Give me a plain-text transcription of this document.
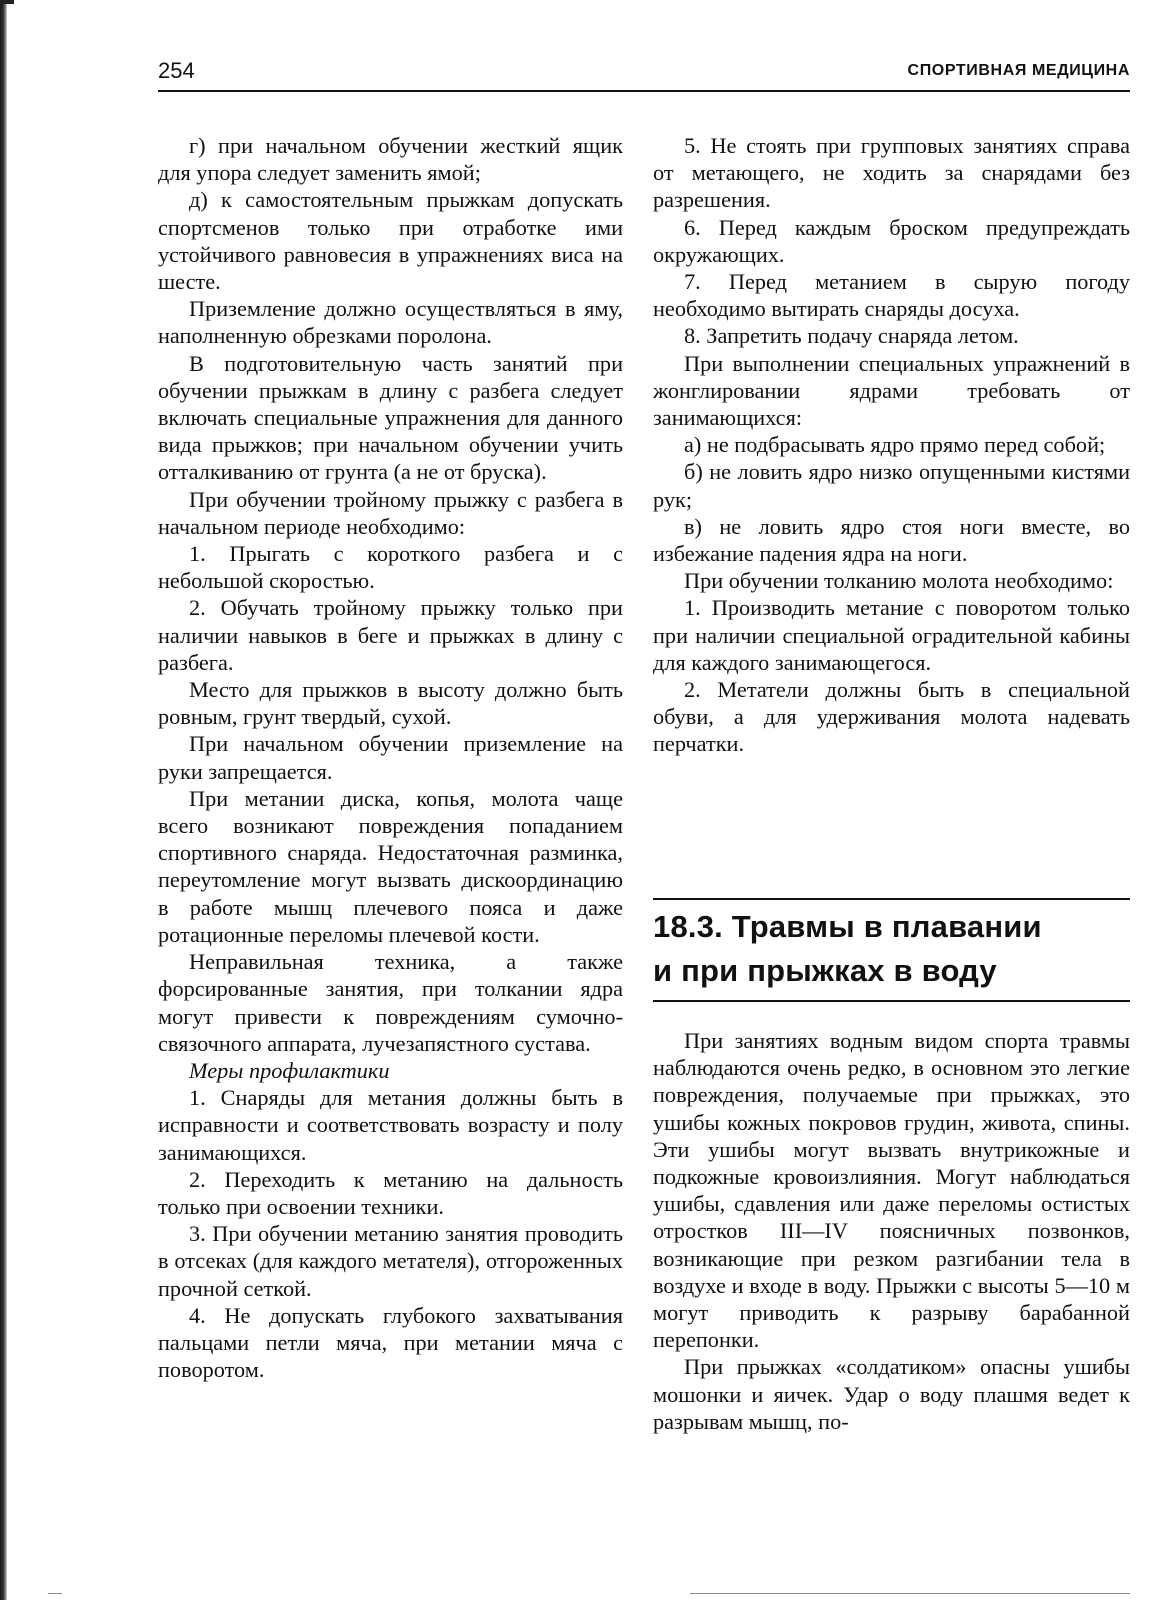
254	СПОРТИВНАЯ МЕДИЦИНА

г) при начальном обучении жесткий ящик для упора следует заменить ямой;

д) к самостоятельным прыжкам допускать спортсменов только при отработке ими устойчивого равновесия в упражнениях виса на шесте.

Приземление должно осуществляться в яму, наполненную обрезками поролона.

В подготовительную часть занятий при обучении прыжкам в длину с разбега следует включать специальные упражнения для данного вида прыжков; при начальном обучении учить отталкиванию от грунта (а не от бруска).

При обучении тройному прыжку с разбега в начальном периоде необходимо:

1. Прыгать с короткого разбега и с небольшой скоростью.

2. Обучать тройному прыжку только при наличии навыков в беге и прыжках в длину с разбега.

Место для прыжков в высоту должно быть ровным, грунт твердый, сухой.

При начальном обучении приземление на руки запрещается.

При метании диска, копья, молота чаще всего возникают повреждения попаданием спортивного снаряда. Недостаточная разминка, переутомление могут вызвать дискоординацию в работе мышц плечевого пояса и даже ротационные переломы плечевой кости.

Неправильная техника, а также форсированные занятия, при толкании ядра могут привести к повреждениям сумочно-связочного аппарата, лучезапястного сустава.

Меры профилактики

1. Снаряды для метания должны быть в исправности и соответствовать возрасту и полу занимающихся.

2. Переходить к метанию на дальность только при освоении техники.

3. При обучении метанию занятия проводить в отсеках (для каждого метателя), отгороженных прочной сеткой.

4. Не допускать глубокого захватывания пальцами петли мяча, при метании мяча с поворотом.

5. Не стоять при групповых занятиях справа от метающего, не ходить за снарядами без разрешения.

6. Перед каждым броском предупреждать окружающих.

7. Перед метанием в сырую погоду необходимо вытирать снаряды досуха.

8. Запретить подачу снаряда летом.

При выполнении специальных упражнений в жонглировании ядрами требовать от занимающихся:

а) не подбрасывать ядро прямо перед собой;

б) не ловить ядро низко опущенными кистями рук;

в) не ловить ядро стоя ноги вместе, во избежание падения ядра на ноги.

При обучении толканию молота необходимо:

1. Производить метание с поворотом только при наличии специальной оградительной кабины для каждого занимающегося.

2. Метатели должны быть в специальной обуви, а для удерживания молота надевать перчатки.

18.3. Травмы в плавании
и при прыжках в воду

При занятиях водным видом спорта травмы наблюдаются очень редко, в основном это легкие повреждения, получаемые при прыжках, это ушибы кожных покровов грудин, живота, спины. Эти ушибы могут вызвать внутрикожные и подкожные кровоизлияния. Могут наблюдаться ушибы, сдавления или даже переломы остистых отростков III—IV поясничных позвонков, возникающие при резком разгибании тела в воздухе и входе в воду. Прыжки с высоты 5—10 м могут приводить к разрыву барабанной перепонки.

При прыжках «солдатиком» опасны ушибы мошонки и яичек. Удар о воду плашмя ведет к разрывам мышц, по-
